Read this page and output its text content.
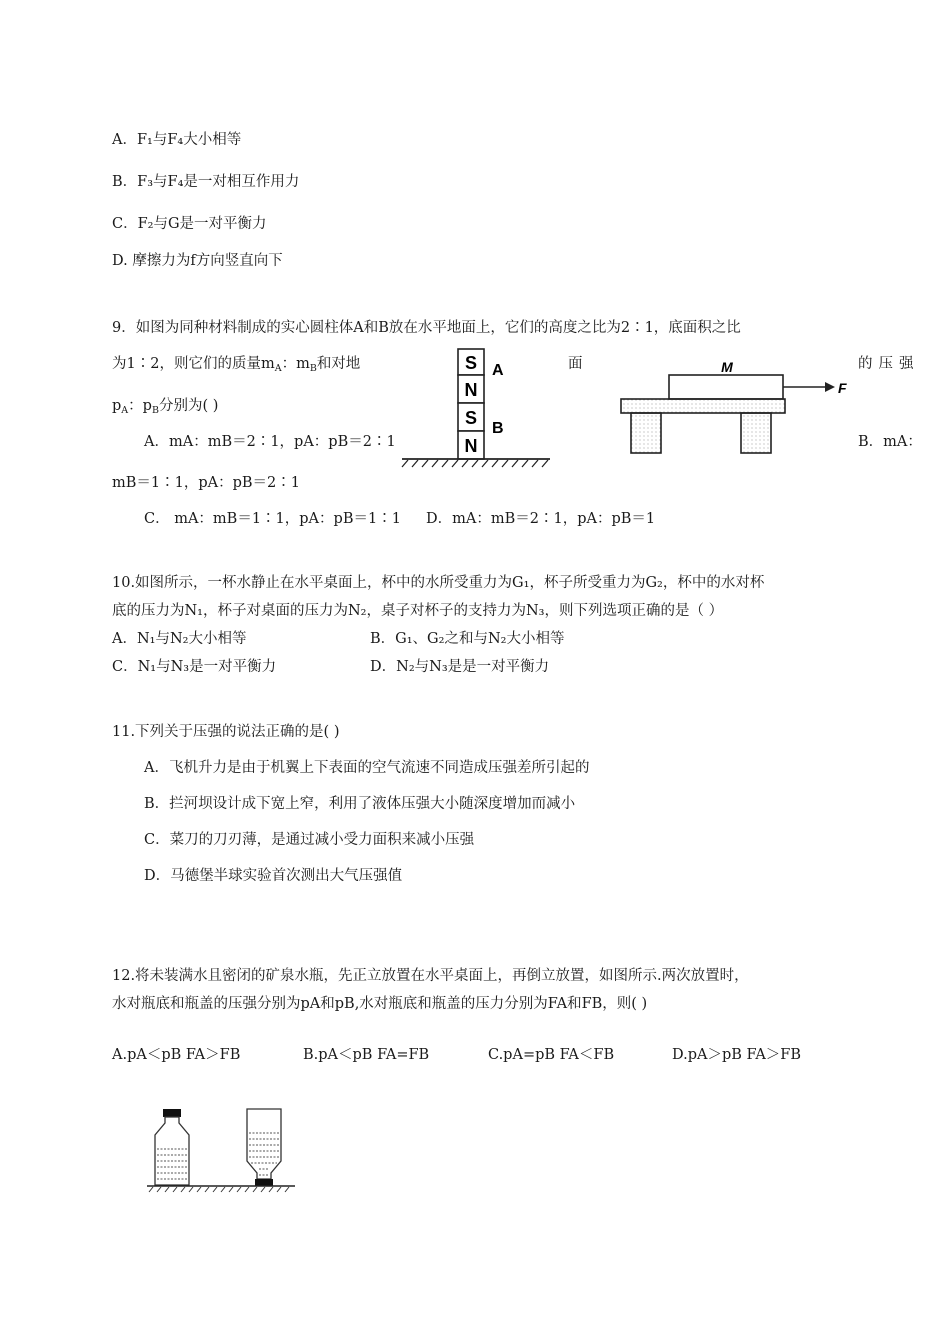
A．F₁与F₄大小相等
B．F₃与F₄是一对相互作用力
C．F₂与G是一对平衡力
D. 摩擦力为f方向竖直向下
9．如图为同种材料制成的实心圆柱体A和B放在水平地面上，它们的高度之比为2∶1，底面积之比
为1∶2，则它们的质量$m_A$：$m_B$和对地	面	的压强
$p_A$：$p_B$分别为( )
A．mA：mB＝2∶1，pA：pB＝2∶1	B．mA：
mB＝1∶1，pA：pB＝2∶1
C． mA：mB＝1∶1，pA：pB＝1∶1 D．mA：mB＝2∶1，pA：pB＝1
S
N
S
N
A
B
M
F
10.如图所示，一杯水静止在水平桌面上，杯中的水所受重力为G₁，杯子所受重力为G₂，杯中的水对杯
底的压力为N₁，杯子对桌面的压力为N₂，桌子对杯子的支持力为N₃，则下列选项正确的是（ ）
A．N₁与N₂大小相等	B．G₁、G₂之和与N₂大小相等
C．N₁与N₃是一对平衡力	D．N₂与N₃是是一对平衡力
11.下列关于压强的说法正确的是( )
A．飞机升力是由于机翼上下表面的空气流速不同造成压强差所引起的
B．拦河坝设计成下宽上窄，利用了液体压强大小随深度增加而减小
C．菜刀的刀刃薄，是通过减小受力面积来减小压强
D．马德堡半球实验首次测出大气压强值
12.将未装满水且密闭的矿泉水瓶，先正立放置在水平桌面上，再倒立放置，如图所示.两次放置时，
水对瓶底和瓶盖的压强分别为pA和pB,水对瓶底和瓶盖的压力分别为FA和FB，则( )
A.pA＜pB FA＞FB	B.pA＜pB FA=FB	C.pA=pB FA＜FB	D.pA＞pB FA＞FB
